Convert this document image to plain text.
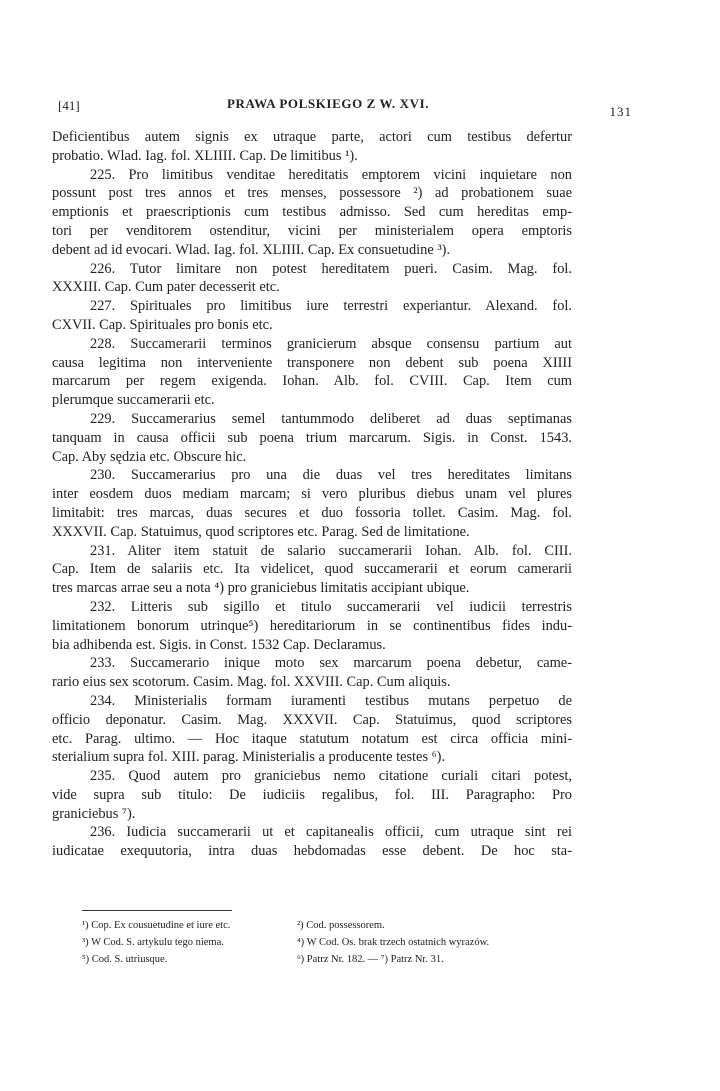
[41]	PRAWA POLSKIEGO Z W. XVI.
131
Deficientibus autem signis ex utraque parte, actori cum testibus defertur
probatio. Wlad. Iag. fol. XLIIII. Cap. De limitibus ¹).
225. Pro limitibus venditae hereditatis emptorem vicini inquietare non
possunt post tres annos et tres menses, possessore ²) ad probationem suae
emptionis et praescriptionis cum testibus admisso. Sed cum hereditas emp-
tori per venditorem ostenditur, vicini per ministerialem opera emptoris
debent ad id evocari. Wlad. Iag. fol. XLIIII. Cap. Ex consuetudine ³).
226. Tutor limitare non potest hereditatem pueri. Casim. Mag. fol.
XXXIII. Cap. Cum pater decesserit etc.
227. Spirituales pro limitibus iure terrestri experiantur. Alexand. fol.
CXVII. Cap. Spirituales pro bonis etc.
228. Succamerarii terminos granicierum absque consensu partium aut
causa legitima non interveniente transponere non debent sub poena XIIII
marcarum per regem exigenda. Iohan. Alb. fol. CVIII. Cap. Item cum
plerumque succamerarii etc.
229. Succamerarius semel tantummodo deliberet ad duas septimanas
tanquam in causa officii sub poena trium marcarum. Sigis. in Const. 1543.
Cap. Aby sędzia etc. Obscure hic.
230. Succamerarius pro una die duas vel tres hereditates limitans
inter eosdem duos mediam marcam; si vero pluribus diebus unam vel plures
limitabit: tres marcas, duas secures et duo fossoria tollet. Casim. Mag. fol.
XXXVII. Cap. Statuimus, quod scriptores etc. Parag. Sed de limitatione.
231. Aliter item statuit de salario succamerarii Iohan. Alb. fol. CIII.
Cap. Item de salariis etc. Ita videlicet, quod succamerarii et eorum camerarii
tres marcas arrae seu a nota ⁴) pro graniciebus limitatis accipiant ubique.
232. Litteris sub sigillo et titulo succamerarii vel iudicii terrestris
limitationem bonorum utrinque⁵) hereditariorum in se continentibus fides indu-
bia adhibenda est. Sigis. in Const. 1532 Cap. Declaramus.
233. Succamerario inique moto sex marcarum poena debetur, came-
rario eius sex scotorum. Casim. Mag. fol. XXVIII. Cap. Cum aliquis.
234. Ministerialis formam iuramenti testibus mutans perpetuo de
officio deponatur. Casim. Mag. XXXVII. Cap. Statuimus, quod scriptores
etc. Parag. ultimo. — Hoc itaque statutum notatum est circa officia mini-
sterialium supra fol. XIII. parag. Ministerialis a producente testes ⁶).
235. Quod autem pro graniciebus nemo citatione curiali citari potest,
vide supra sub titulo: De iudiciis regalibus, fol. III. Paragrapho: Pro
graniciebus ⁷).
236. Iudicia succamerarii ut et capitanealis officii, cum utraque sint rei
iudicatae exequutoria, intra duas hebdomadas esse debent. De hoc sta-
¹) Cop. Ex cousuetudine et iure etc.	²) Cod. possessorem.
³) W Cod. S. artykulu tego niema.	⁴) W Cod. Os. brak trzech ostatnich wyrazów.
⁵) Cod. S. utriusque.	⁶) Patrz Nr. 182. — ⁷) Patrz Nr. 31.
